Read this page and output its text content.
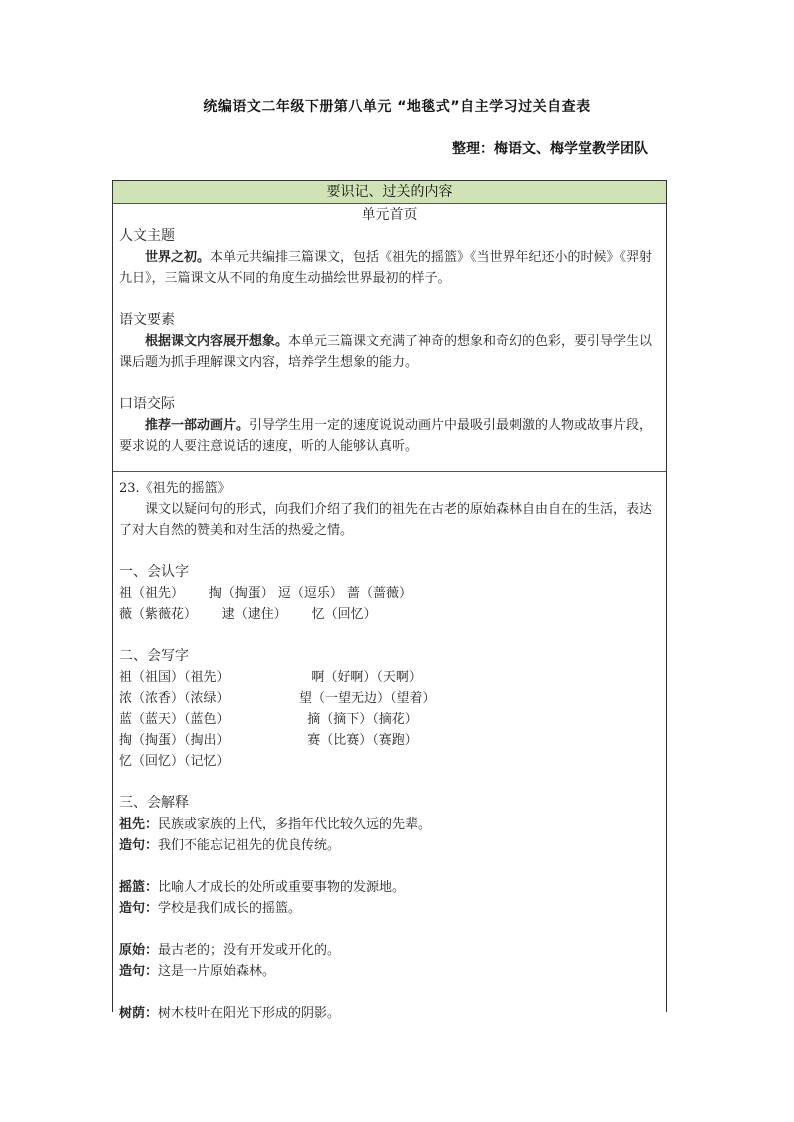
统编语文二年级下册第八单元 “地毯式”自主学习过关自查表
整理：梅语文、梅学堂教学团队
要识记、过关的内容
单元首页
人文主题

世界之初。本单元共编排三篇课文，包括《祖先的摇篮》《当世界年纪还小的时候》《羿射九日》，三篇课文从不同的角度生动描绘世界最初的样子。

语文要素

根据课文内容展开想象。本单元三篇课文充满了神奇的想象和奇幻的色彩，要引导学生以课后题为抓手理解课文内容，培养学生想象的能力。

口语交际

推荐一部动画片。引导学生用一定的速度说说动画片中最吸引最刺激的人物或故事片段，要求说的人要注意说话的速度，听的人能够认真听。

23.《祖先的摇篮》

课文以疑问句的形式，向我们介绍了我们的祖先在古老的原始森林自由自在的生活，表达了对大自然的赞美和对生活的热爱之情。

一、会认字
祖（祖先）      掏（掏蛋） 逗（逗乐） 蔷（蔷薇）
薇（紫薇花）      逮（逮住）      忆（回忆）
二、会写字
祖（祖国）（祖先）	啊（好啊）（天啊）
浓（浓香）（浓绿）	望（一望无边）（望着）
蓝（蓝天）（蓝色）	摘（摘下）（摘花）
掏（掏蛋）（掏出）	赛（比赛）（赛跑）
忆（回忆）（记忆）
三、会解释

祖先：民族或家族的上代，多指年代比较久远的先辈。

造句：我们不能忘记祖先的优良传统。

摇篮：比喻人才成长的处所或重要事物的发源地。

造句：学校是我们成长的摇篮。

原始：最古老的；没有开发或开化的。

造句：这是一片原始森林。

树荫：树木枝叶在阳光下形成的阴影。
